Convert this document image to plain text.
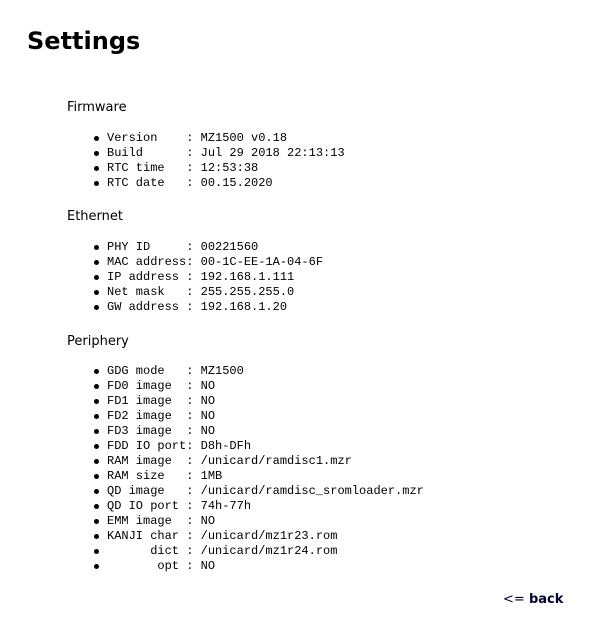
Settings
Firmware
Version    : MZ1500 v0.18
Build      : Jul 29 2018 22:13:13
RTC time   : 12:53:38
RTC date   : 00.15.2020
Ethernet
PHY ID     : 00221560
MAC address: 00-1C-EE-1A-04-6F
IP address : 192.168.1.111
Net mask   : 255.255.255.0
GW address : 192.168.1.20
Periphery
GDG mode   : MZ1500
FD0 image  : NO
FD1 image  : NO
FD2 image  : NO
FD3 image  : NO
FDD IO port: D8h-DFh
RAM image  : /unicard/ramdisc1.mzr
RAM size   : 1MB
QD image   : /unicard/ramdisc_sromloader.mzr
QD IO port : 74h-77h
EMM image  : NO
KANJI char : /unicard/mz1r23.rom
dict : /unicard/mz1r24.rom
opt : NO
<= back
